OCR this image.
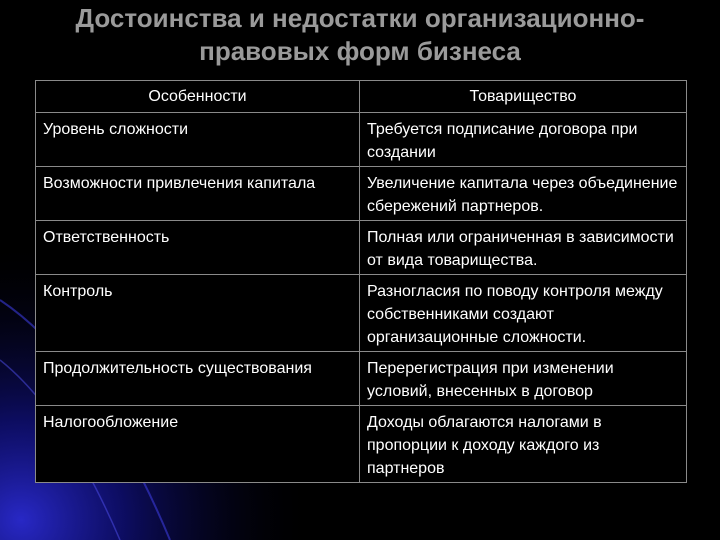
Достоинства и недостатки организационно-
правовых форм бизнеса
Особенности	Товарищество
Уровень сложности	Требуется подписание договора при создании
Возможности привлечения капитала	Увеличение капитала через объединение сбережений партнеров.
Ответственность	Полная или ограниченная в зависимости от вида товарищества.
Контроль	Разногласия по поводу контроля между собственниками создают организационные сложности.
Продолжительность существования	Перерегистрация при изменении условий, внесенных в договор
Налогообложение	Доходы облагаются налогами в пропорции к доходу каждого из партнеров
